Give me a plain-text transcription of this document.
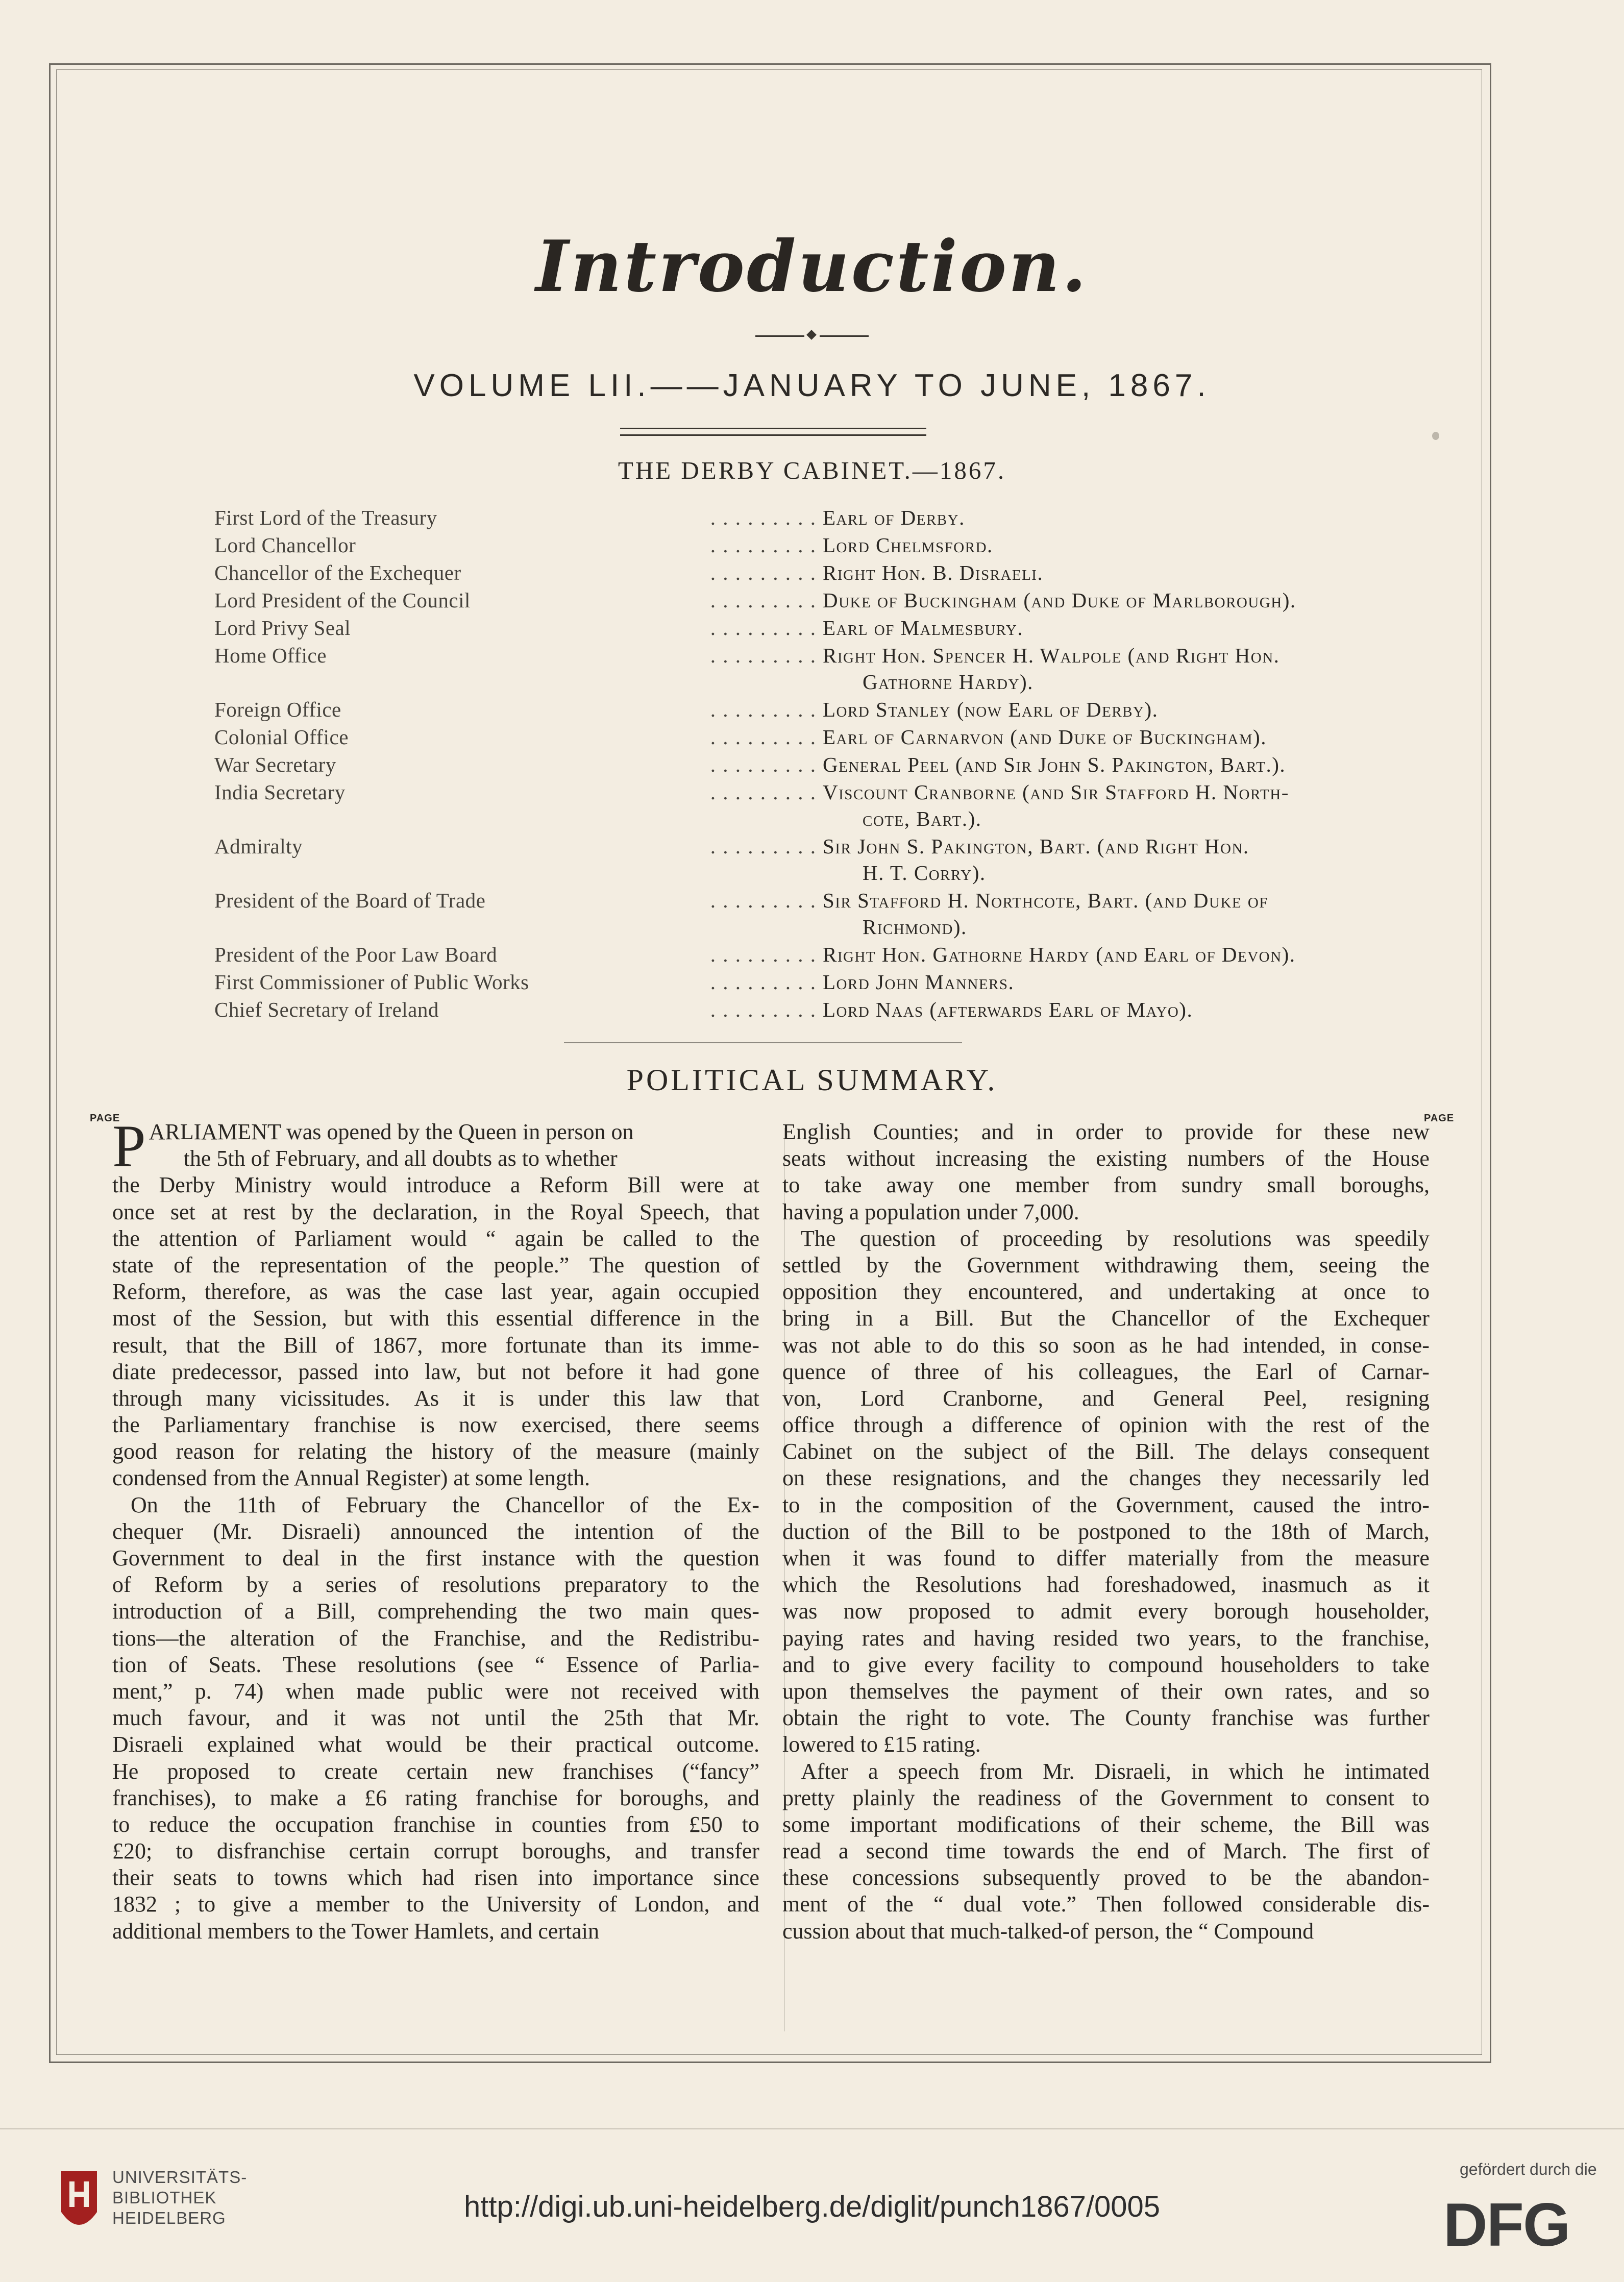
Introduction.
VOLUME LII.——JANUARY TO JUNE, 1867.
THE DERBY CABINET.—1867.
First Lord of the Treasury	. . . . . . . . . Earl of Derby.
Lord Chancellor	. . . . . . . . . Lord Chelmsford.
Chancellor of the Exchequer	. . . . . . . . . Right Hon. B. Disraeli.
Lord President of the Council	. . . . . . . . . Duke of Buckingham (and Duke of Marlborough).
Lord Privy Seal	. . . . . . . . . Earl of Malmesbury.
Home Office	. . . . . . . . . Right Hon. Spencer H. Walpole (and Right Hon.
Gathorne Hardy).
Foreign Office	. . . . . . . . . Lord Stanley (now Earl of Derby).
Colonial Office	. . . . . . . . . Earl of Carnarvon (and Duke of Buckingham).
War Secretary	. . . . . . . . . General Peel (and Sir John S. Pakington, Bart.).
India Secretary	. . . . . . . . . Viscount Cranborne (and Sir Stafford H. North-
cote, Bart.).
Admiralty	. . . . . . . . . Sir John S. Pakington, Bart. (and Right Hon.
H. T. Corry).
President of the Board of Trade	. . . . . . . . . Sir Stafford H. Northcote, Bart. (and Duke of
Richmond).
President of the Poor Law Board	. . . . . . . . . Right Hon. Gathorne Hardy (and Earl of Devon).
First Commissioner of Public Works	. . . . . . . . . Lord John Manners.
Chief Secretary of Ireland	. . . . . . . . . Lord Naas (afterwards Earl of Mayo).
POLITICAL SUMMARY.
PAGE	PAGE
PARLIAMENT was opened by the Queen in person on
the 5th of February, and all doubts as to whether
the Derby Ministry would introduce a Reform Bill were at
once set at rest by the declaration, in the Royal Speech, that
the attention of Parliament would “ again be called to the
state of the representation of the people.” The question of
Reform, therefore, as was the case last year, again occupied
most of the Session, but with this essential difference in the
result, that the Bill of 1867, more fortunate than its imme-
diate predecessor, passed into law, but not before it had gone
through many vicissitudes. As it is under this law that
the Parliamentary franchise is now exercised, there seems
good reason for relating the history of the measure (mainly
condensed from the Annual Register) at some length.
On the 11th of February the Chancellor of the Ex-
chequer (Mr. Disraeli) announced the intention of the
Government to deal in the first instance with the question
of Reform by a series of resolutions preparatory to the
introduction of a Bill, comprehending the two main ques-
tions—the alteration of the Franchise, and the Redistribu-
tion of Seats. These resolutions (see “ Essence of Parlia-
ment,” p. 74) when made public were not received with
much favour, and it was not until the 25th that Mr.
Disraeli explained what would be their practical outcome.
He proposed to create certain new franchises (“fancy”
franchises), to make a £6 rating franchise for boroughs, and
to reduce the occupation franchise in counties from £50 to
£20; to disfranchise certain corrupt boroughs, and transfer
their seats to towns which had risen into importance since
1832 ; to give a member to the University of London, and
additional members to the Tower Hamlets, and certain
English Counties; and in order to provide for these new
seats without increasing the existing numbers of the House
to take away one member from sundry small boroughs,
having a population under 7,000.
The question of proceeding by resolutions was speedily
settled by the Government withdrawing them, seeing the
opposition they encountered, and undertaking at once to
bring in a Bill. But the Chancellor of the Exchequer
was not able to do this so soon as he had intended, in conse-
quence of three of his colleagues, the Earl of Carnar-
von, Lord Cranborne, and General Peel, resigning
office through a difference of opinion with the rest of the
Cabinet on the subject of the Bill. The delays consequent
on these resignations, and the changes they necessarily led
to in the composition of the Government, caused the intro-
duction of the Bill to be postponed to the 18th of March,
when it was found to differ materially from the measure
which the Resolutions had foreshadowed, inasmuch as it
was now proposed to admit every borough householder,
paying rates and having resided two years, to the franchise,
and to give every facility to compound householders to take
upon themselves the payment of their own rates, and so
obtain the right to vote. The County franchise was further
lowered to £15 rating.
After a speech from Mr. Disraeli, in which he intimated
pretty plainly the readiness of the Government to consent to
some important modifications of their scheme, the Bill was
read a second time towards the end of March. The first of
these concessions subsequently proved to be the abandon-
ment of the “ dual vote.” Then followed considerable dis-
cussion about that much-talked-of person, the “ Compound
UNIVERSITÄTS-
BIBLIOTHEK
HEIDELBERG	http://digi.ub.uni-heidelberg.de/diglit/punch1867/0005
gefördert durch die
DFG
